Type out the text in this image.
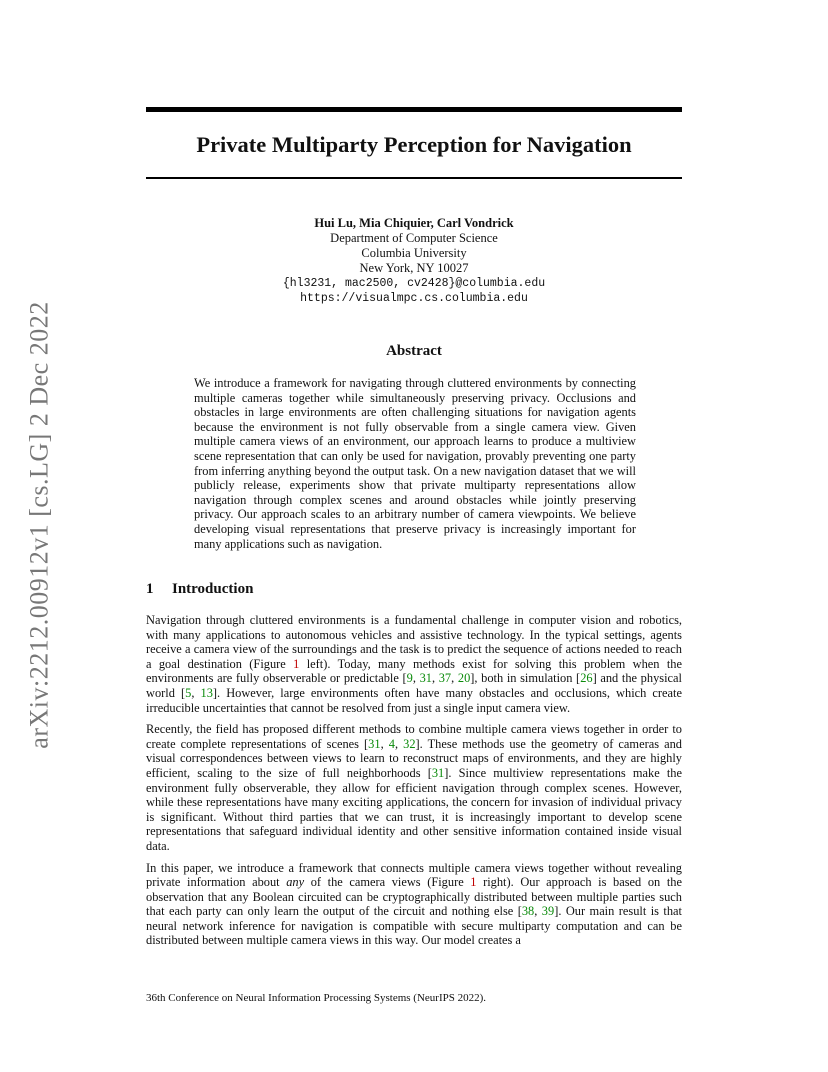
arXiv:2212.00912v1 [cs.LG] 2 Dec 2022
Private Multiparty Perception for Navigation
Hui Lu, Mia Chiquier, Carl Vondrick
Department of Computer Science
Columbia University
New York, NY 10027
{hl3231, mac2500, cv2428}@columbia.edu
https://visualmpc.cs.columbia.edu
Abstract
We introduce a framework for navigating through cluttered environments by connecting multiple cameras together while simultaneously preserving privacy. Occlusions and obstacles in large environments are often challenging situations for navigation agents because the environment is not fully observable from a single camera view. Given multiple camera views of an environment, our approach learns to produce a multiview scene representation that can only be used for navigation, provably preventing one party from inferring anything beyond the output task. On a new navigation dataset that we will publicly release, experiments show that private multiparty representations allow navigation through complex scenes and around obstacles while jointly preserving privacy. Our approach scales to an arbitrary number of camera viewpoints. We believe developing visual representations that preserve privacy is increasingly important for many applications such as navigation.
1 Introduction

Navigation through cluttered environments is a fundamental challenge in computer vision and robotics, with many applications to autonomous vehicles and assistive technology. In the typical settings, agents receive a camera view of the surroundings and the task is to predict the sequence of actions needed to reach a goal destination (Figure 1 left). Today, many methods exist for solving this problem when the environments are fully observerable or predictable [9, 31, 37, 20], both in simulation [26] and the physical world [5, 13]. However, large environments often have many obstacles and occlusions, which create irreducible uncertainties that cannot be resolved from just a single input camera view.

Recently, the field has proposed different methods to combine multiple camera views together in order to create complete representations of scenes [31, 4, 32]. These methods use the geometry of cameras and visual correspondences between views to learn to reconstruct maps of environments, and they are highly efficient, scaling to the size of full neighborhoods [31]. Since multiview representations make the environment fully observerable, they allow for efficient navigation through complex scenes. However, while these representations have many exciting applications, the concern for invasion of individual privacy is significant. Without third parties that we can trust, it is increasingly important to develop scene representations that safeguard individual identity and other sensitive information contained inside visual data.

In this paper, we introduce a framework that connects multiple camera views together without revealing private information about any of the camera views (Figure 1 right). Our approach is based on the observation that any Boolean circuited can be cryptographically distributed between multiple parties such that each party can only learn the output of the circuit and nothing else [38, 39]. Our main result is that neural network inference for navigation is compatible with secure multiparty computation and can be distributed between multiple camera views in this way. Our model creates a

36th Conference on Neural Information Processing Systems (NeurIPS 2022).
